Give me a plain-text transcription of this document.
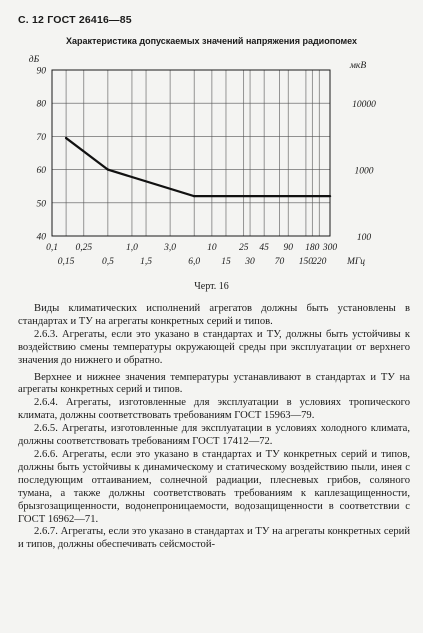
С. 12 ГОСТ 26416—85
Характеристика допускаемых значений напряжения радиопомех
дБ
90
80
70
60
50
40
мкВ
10000
1000
100
0,1 0,25	1,0	3,0	10 25 45 90 180 300
0,15	0,5	1,5	6,0 15 30 70 150 220 МГц
Черт. 16

Виды климатических исполнений агрегатов должны быть установлены в стандартах и ТУ на агрегаты конкретных серий и типов.

2.6.3. Агрегаты, если это указано в стандартах и ТУ, должны быть устойчивы к воздействию смены температуры окружающей среды при эксплуатации от верхнего значения до нижнего и обратно.

Верхнее и нижнее значения температуры устанавливают в стандартах и ТУ на агрегаты конкретных серий и типов.

2.6.4. Агрегаты, изготовленные для эксплуатации в условиях тропического климата, должны соответствовать требованиям ГОСТ 15963—79.

2.6.5. Агрегаты, изготовленные для эксплуатации в условиях холодного климата, должны соответствовать требованиям ГОСТ 17412—72.

2.6.6. Агрегаты, если это указано в стандартах и ТУ конкретных серий и типов, должны быть устойчивы к динамическому и статическому воздействию пыли, инея с последующим оттаиванием, солнечной радиации, плесневых грибов, соляного тумана, а также должны соответствовать требованиям к каплезащищенности, брызгозащищенности, водонепроницаемости, водозащищенности в соответствии с ГОСТ 16962—71.

2.6.7. Агрегаты, если это указано в стандартах и ТУ на агрегаты конкретных серий и типов, должны обеспечивать сейсмостой-
